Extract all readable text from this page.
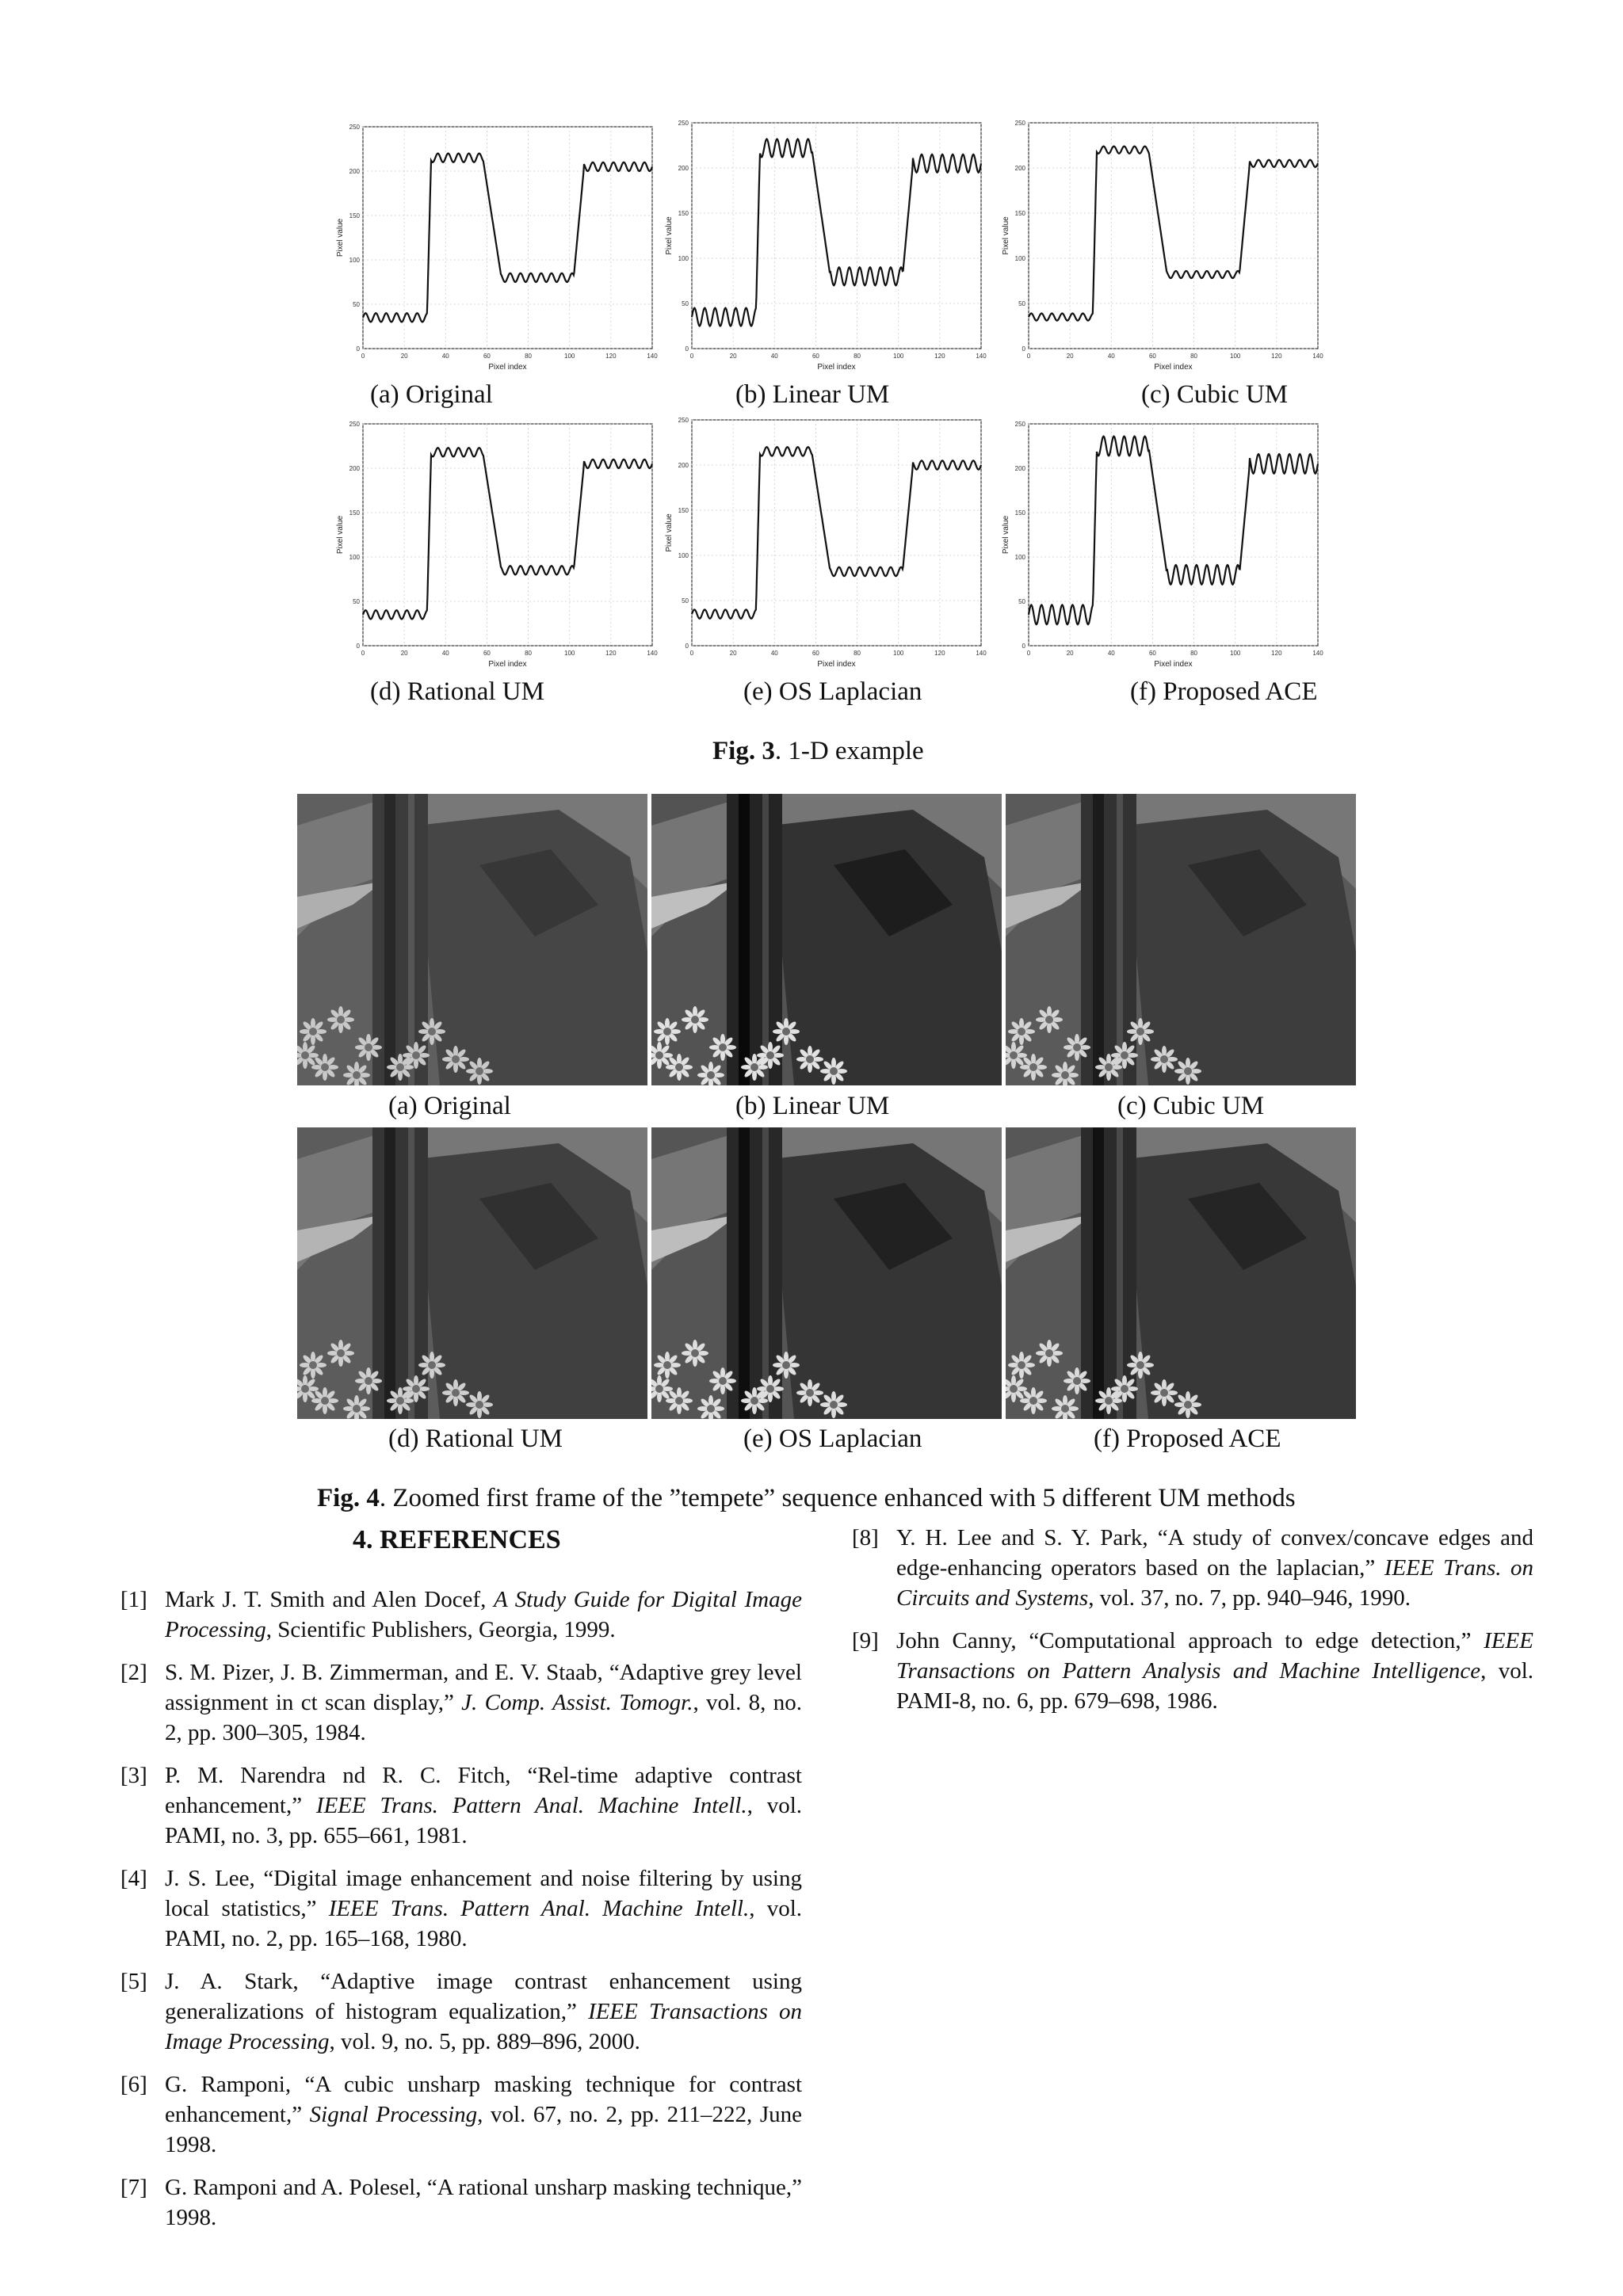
0	20	40	60	80	100	120	140
0
50
100
150
200
250
Pixel index
Pixel value
0	20	40	60	80	100	120	140
0
50
100
150
200
250
Pixel index
Pixel value
0	20	40	60	80	100	120	140
0
50
100
150
200
250
Pixel index
Pixel value
0	20	40	60	80	100	120	140
0
50
100
150
200
250
Pixel index
Pixel value
0	20	40	60	80	100	120	140
0
50
100
150
200
250
Pixel index
Pixel value
0	20	40	60	80	100	120	140
0
50
100
150
200
250
Pixel index
Pixel value
(a) Original	(b) Linear UM	(c) Cubic UM
(d) Rational UM	(e) OS Laplacian	(f) Proposed ACE
Fig. 3. 1-D example
(a) Original	(b) Linear UM	(c) Cubic UM
(d) Rational UM	(e) OS Laplacian	(f) Proposed ACE
Fig. 4. Zoomed first frame of the ”tempete” sequence enhanced with 5 different UM methods
4. REFERENCES
[1] Mark J. T. Smith and Alen Docef, A Study Guide for Digital Image Processing, Scientific Publishers, Georgia, 1999.
[2] S. M. Pizer, J. B. Zimmerman, and E. V. Staab, “Adaptive grey level assignment in ct scan display,” J. Comp. Assist. Tomogr., vol. 8, no. 2, pp. 300–305, 1984.
[3] P. M. Narendra nd R. C. Fitch, “Rel-time adaptive contrast enhancement,” IEEE Trans. Pattern Anal. Machine Intell., vol. PAMI, no. 3, pp. 655–661, 1981.
[4] J. S. Lee, “Digital image enhancement and noise filtering by using local statistics,” IEEE Trans. Pattern Anal. Machine Intell., vol. PAMI, no. 2, pp. 165–168, 1980.
[5] J. A. Stark, “Adaptive image contrast enhancement using generalizations of histogram equalization,” IEEE Transactions on Image Processing, vol. 9, no. 5, pp. 889–896, 2000.
[6] G. Ramponi, “A cubic unsharp masking technique for contrast enhancement,” Signal Processing, vol. 67, no. 2, pp. 211–222, June 1998.
[7] G. Ramponi and A. Polesel, “A rational unsharp masking technique,” 1998.
[8] Y. H. Lee and S. Y. Park, “A study of convex/concave edges and edge-enhancing operators based on the laplacian,” IEEE Trans. on Circuits and Systems, vol. 37, no. 7, pp. 940–946, 1990.
[9] John Canny, “Computational approach to edge detection,” IEEE Transactions on Pattern Analysis and Machine Intelligence, vol. PAMI-8, no. 6, pp. 679–698, 1986.
